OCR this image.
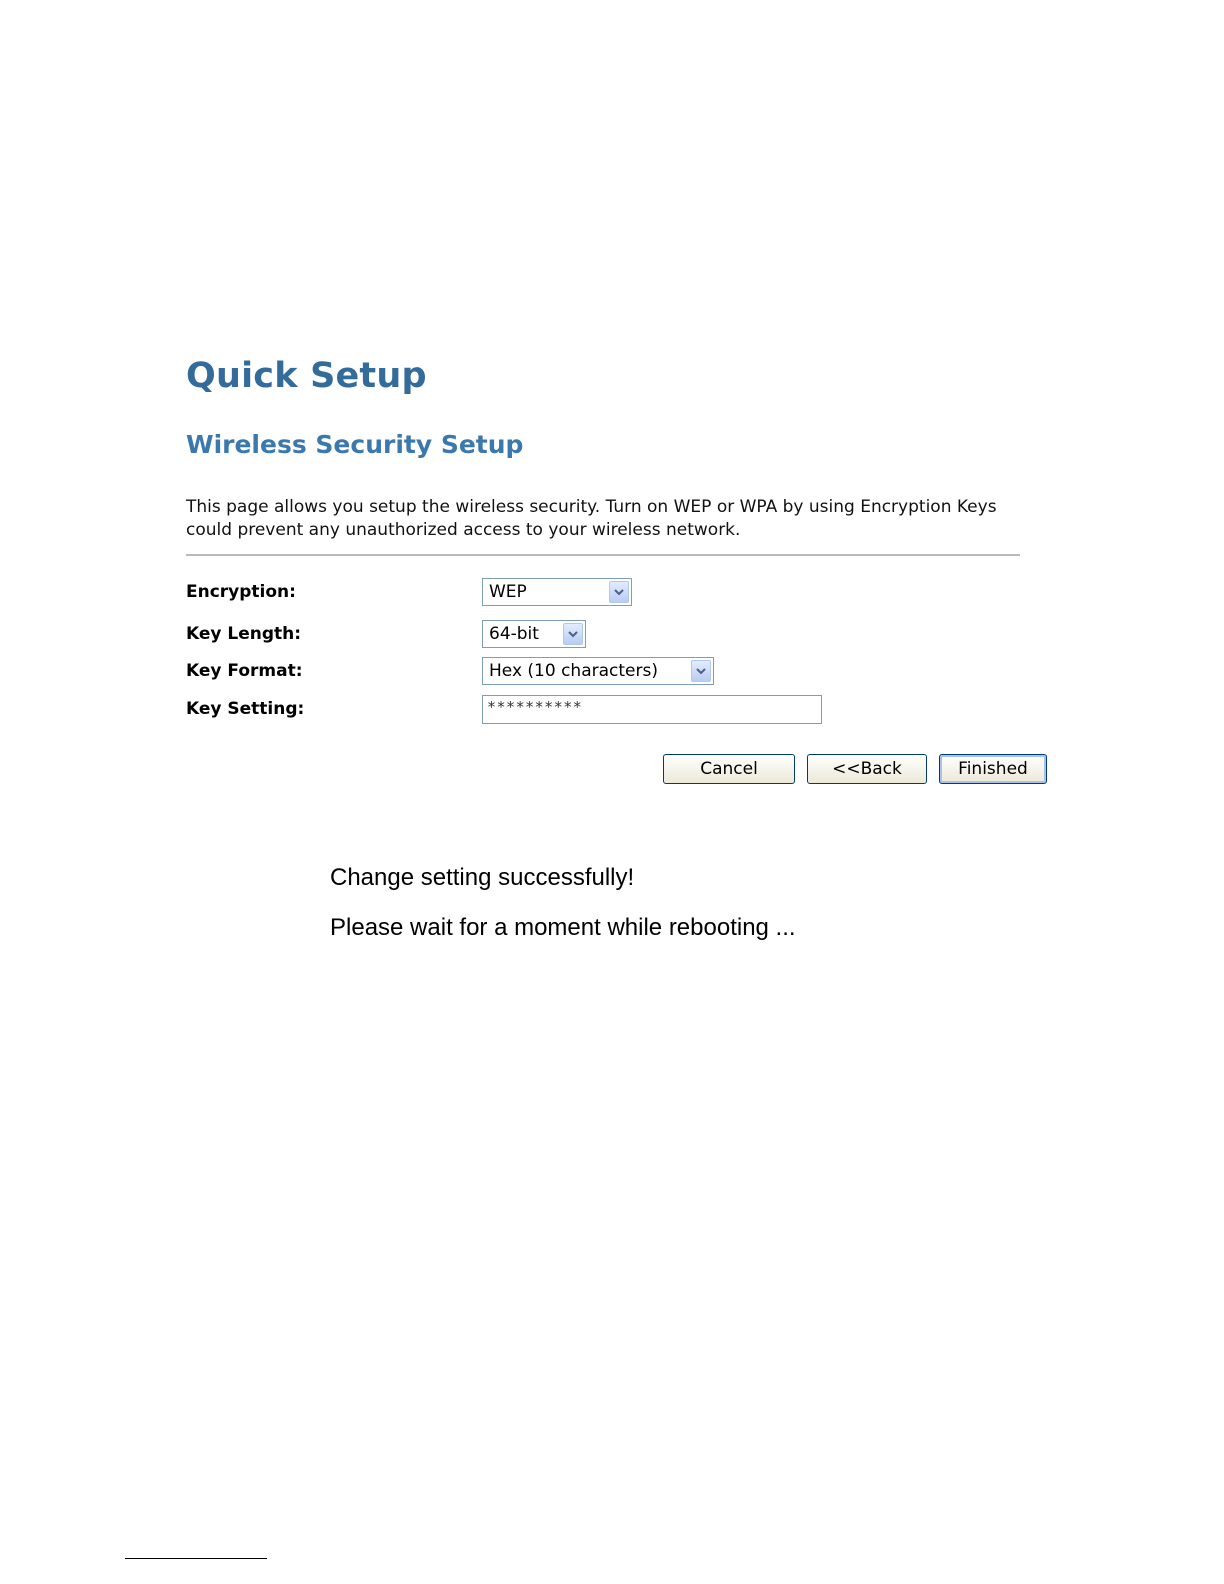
Quick Setup
Wireless Security Setup

This page allows you setup the wireless security. Turn on WEP or WPA by using Encryption Keys could prevent any unauthorized access to your wireless network.

Encryption:	WEP
Key Length:	64-bit
Key Format:	Hex (10 characters)
Key Setting:	**********
Cancel	<<Back	Finished
Change setting successfully!
Please wait for a moment while rebooting ...
